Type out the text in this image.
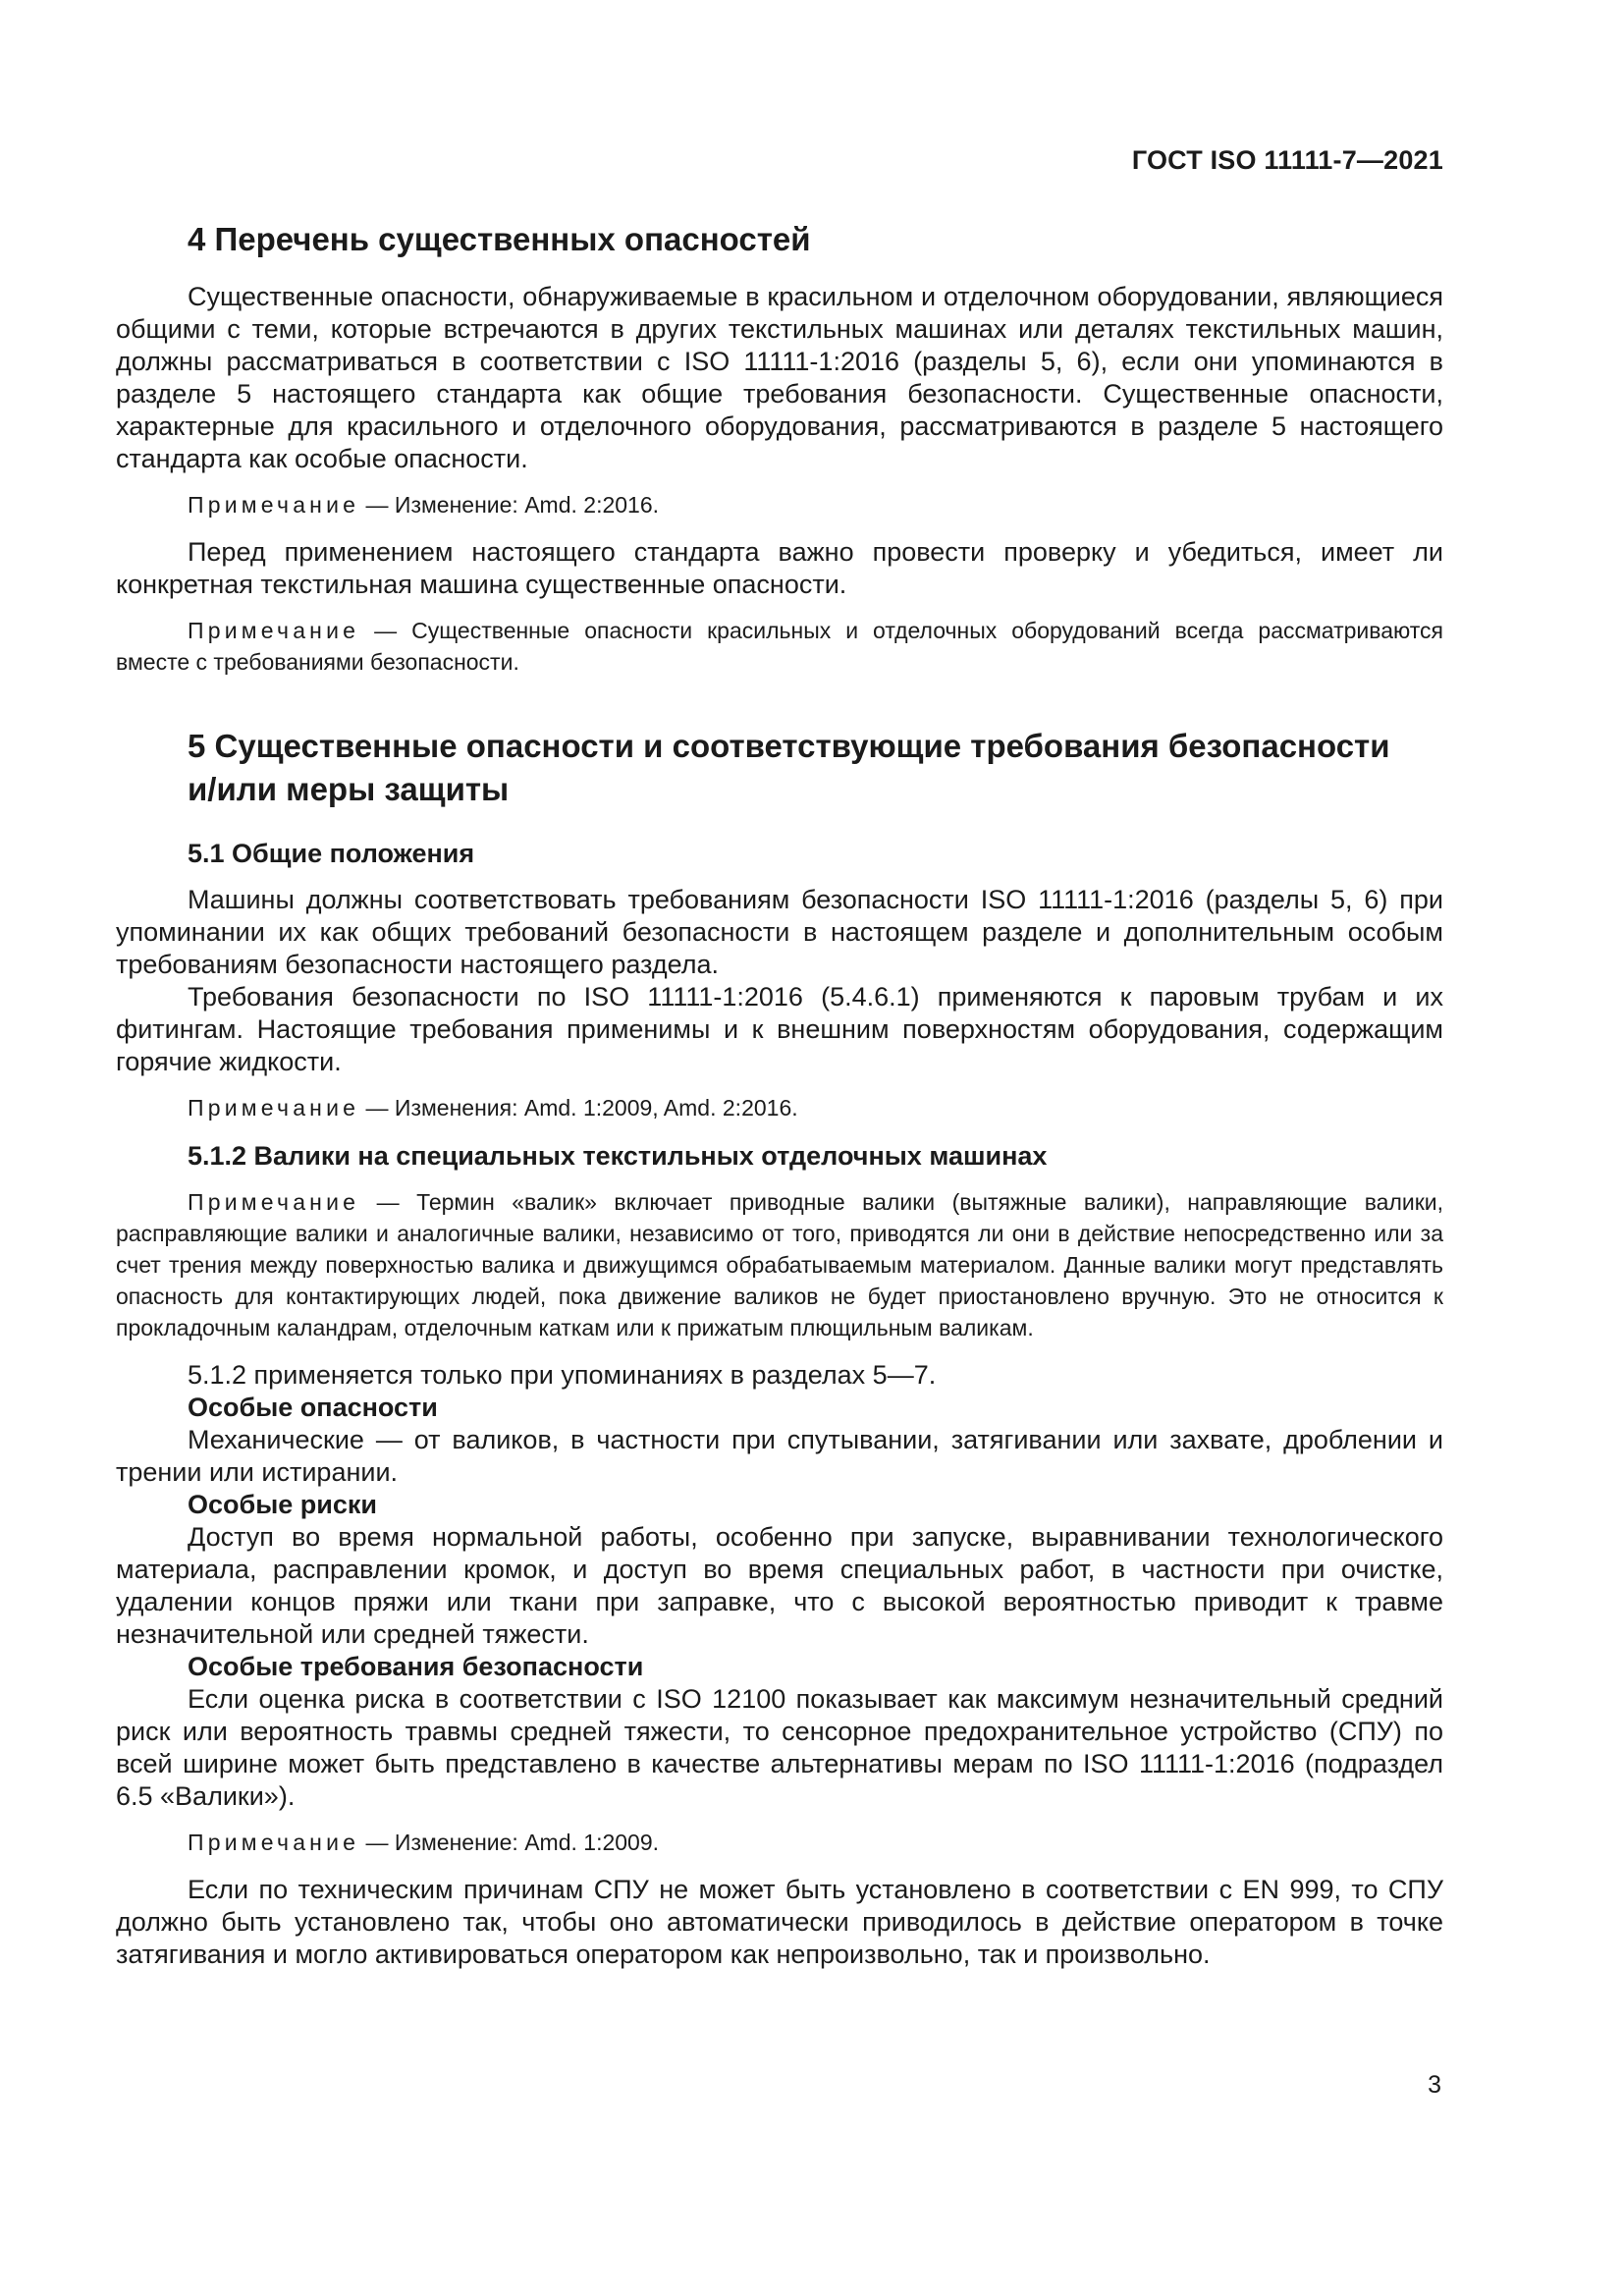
ГОСТ ISO 11111-7—2021
4 Перечень существенных опасностей

Существенные опасности, обнаруживаемые в красильном и отделочном оборудовании, являющиеся общими с теми, которые встречаются в других текстильных машинах или деталях текстильных машин, должны рассматриваться в соответствии с ISO 11111-1:2016 (разделы 5, 6), если они упоминаются в разделе 5 настоящего стандарта как общие требования безопасности. Существенные опасности, характерные для красильного и отделочного оборудования, рассматриваются в разделе 5 настоящего стандарта как особые опасности.

Примечание — Изменение: Amd. 2:2016.

Перед применением настоящего стандарта важно провести проверку и убедиться, имеет ли конкретная текстильная машина существенные опасности.

Примечание — Существенные опасности красильных и отделочных оборудований всегда рассматриваются вместе с требованиями безопасности.

5 Существенные опасности и соответствующие требования безопасности
и/или меры защиты
5.1 Общие положения

Машины должны соответствовать требованиям безопасности ISO 11111-1:2016 (разделы 5, 6) при упоминании их как общих требований безопасности в настоящем разделе и дополнительным особым требованиям безопасности настоящего раздела.

Требования безопасности по ISO 11111-1:2016 (5.4.6.1) применяются к паровым трубам и их фитингам. Настоящие требования применимы и к внешним поверхностям оборудования, содержащим горячие жидкости.

Примечание — Изменения: Amd. 1:2009, Amd. 2:2016.

5.1.2 Валики на специальных текстильных отделочных машинах

Примечание — Термин «валик» включает приводные валики (вытяжные валики), направляющие валики, расправляющие валики и аналогичные валики, независимо от того, приводятся ли они в действие непосредственно или за счет трения между поверхностью валика и движущимся обрабатываемым материалом. Данные валики могут представлять опасность для контактирующих людей, пока движение валиков не будет приостановлено вручную. Это не относится к прокладочным каландрам, отделочным каткам или к прижатым плющильным валикам.

5.1.2 применяется только при упоминаниях в разделах 5—7.

Особые опасности

Механические — от валиков, в частности при спутывании, затягивании или захвате, дроблении и трении или истирании.

Особые риски

Доступ во время нормальной работы, особенно при запуске, выравнивании технологического материала, расправлении кромок, и доступ во время специальных работ, в частности при очистке, удалении концов пряжи или ткани при заправке, что с высокой вероятностью приводит к травме незначительной или средней тяжести.

Особые требования безопасности

Если оценка риска в соответствии с ISO 12100 показывает как максимум незначительный средний риск или вероятность травмы средней тяжести, то сенсорное предохранительное устройство (СПУ) по всей ширине может быть представлено в качестве альтернативы мерам по ISO 11111-1:2016 (подраздел 6.5 «Валики»).

Примечание — Изменение: Amd. 1:2009.

Если по техническим причинам СПУ не может быть установлено в соответствии с EN 999, то СПУ должно быть установлено так, чтобы оно автоматически приводилось в действие оператором в точке затягивания и могло активироваться оператором как непроизвольно, так и произвольно.

3
